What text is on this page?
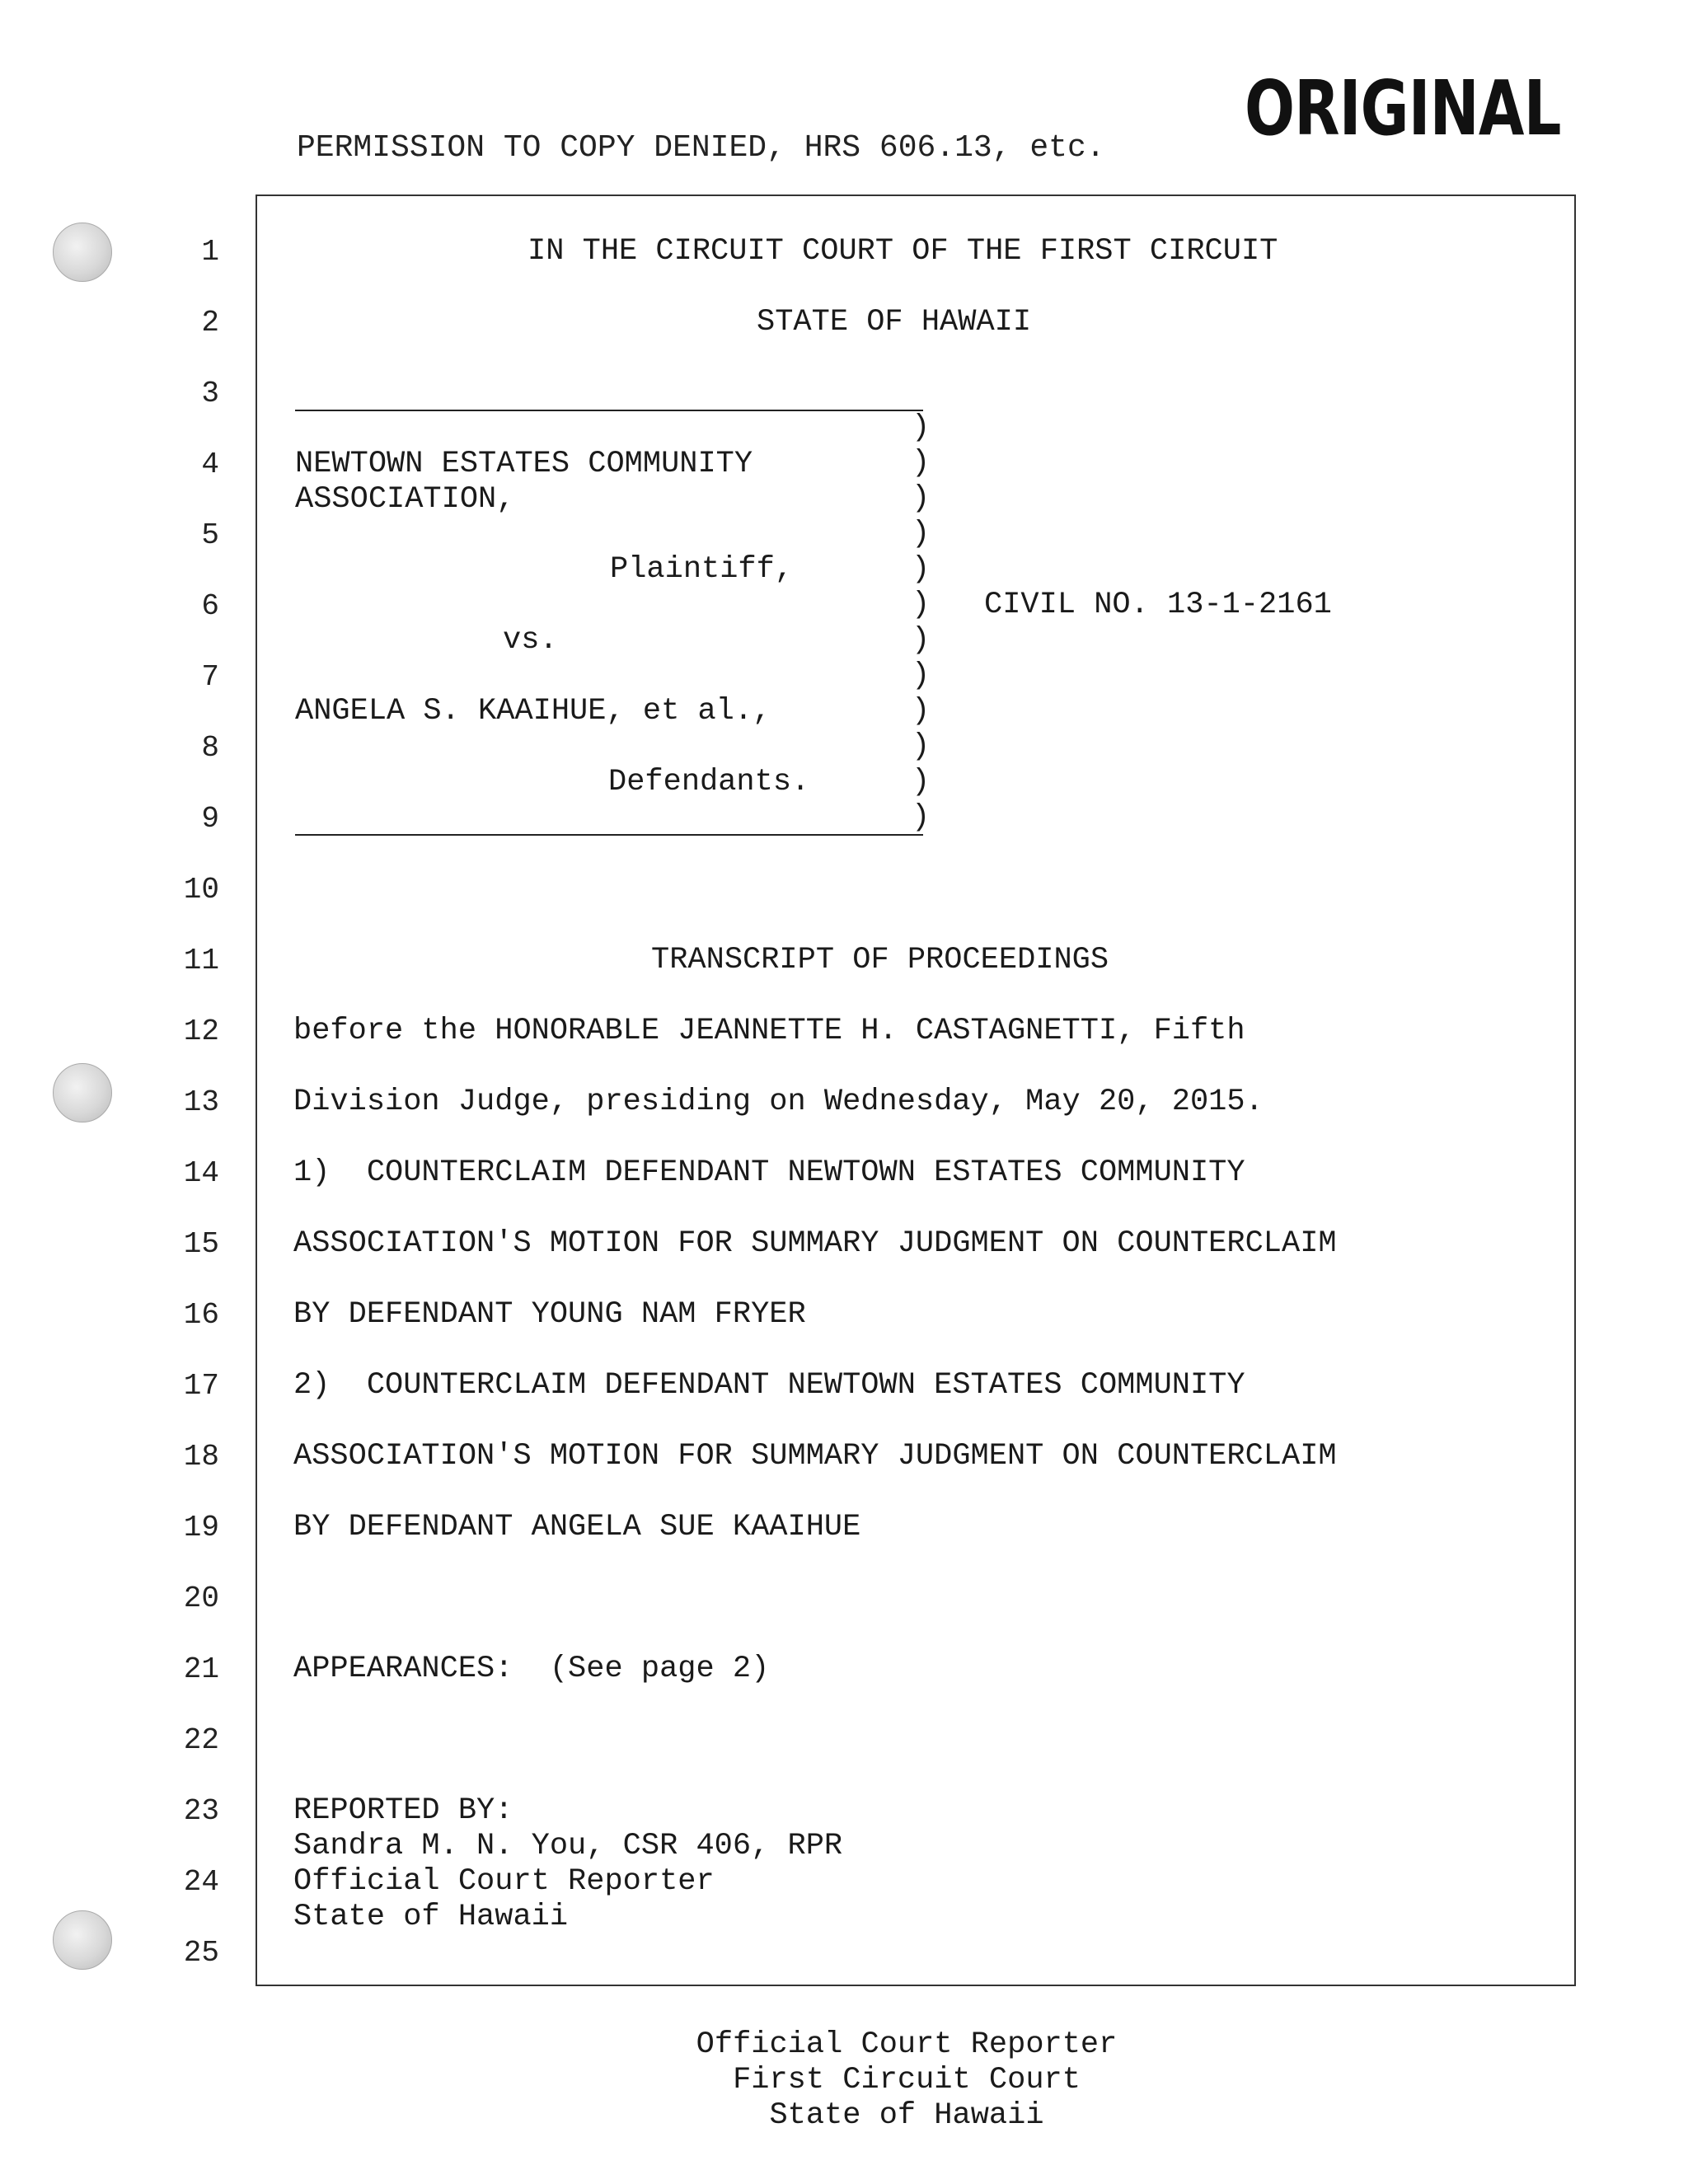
ORIGINAL
PERMISSION TO COPY DENIED, HRS 606.13, etc.
1
2
3
4
5
6
7
8
9
10
11
12
13
14
15
16
17
18
19
20
21
22
23
24
25
IN THE CIRCUIT COURT OF THE FIRST CIRCUIT
STATE OF HAWAII
NEWTOWN ESTATES COMMUNITY
ASSOCIATION,
Plaintiff,
vs.
ANGELA S. KAAIHUE, et al.,
Defendants.
)
)
)
)
)
)
)
)
)
)
)
)
CIVIL NO. 13-1-2161
TRANSCRIPT OF PROCEEDINGS
before the HONORABLE JEANNETTE H. CASTAGNETTI, Fifth
Division Judge, presiding on Wednesday, May 20, 2015.
1)  COUNTERCLAIM DEFENDANT NEWTOWN ESTATES COMMUNITY
ASSOCIATION'S MOTION FOR SUMMARY JUDGMENT ON COUNTERCLAIM
BY DEFENDANT YOUNG NAM FRYER
2)  COUNTERCLAIM DEFENDANT NEWTOWN ESTATES COMMUNITY
ASSOCIATION'S MOTION FOR SUMMARY JUDGMENT ON COUNTERCLAIM
BY DEFENDANT ANGELA SUE KAAIHUE
APPEARANCES:  (See page 2)
REPORTED BY:
Sandra M. N. You, CSR 406, RPR
Official Court Reporter
State of Hawaii
Official Court Reporter
First Circuit Court
State of Hawaii
